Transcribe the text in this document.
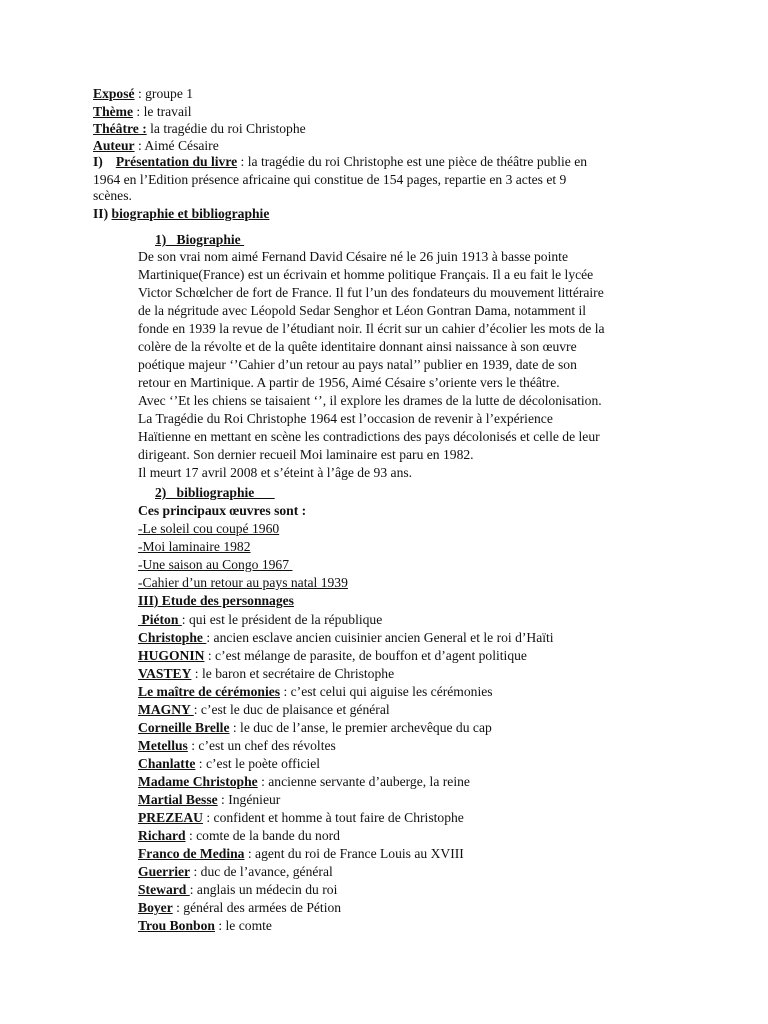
Exposé : groupe 1
Thème : le travail
Théâtre : la tragédie du roi Christophe
Auteur : Aimé Césaire
I) Présentation du livre : la tragédie du roi Christophe est une pièce de théâtre publie en
1964 en l’Edition présence africaine qui constitue de 154 pages, repartie en 3 actes et 9
scènes.
II) biographie et bibliographie
1)   Biographie
De son vrai nom aimé Fernand David Césaire né le 26 juin 1913 à basse pointe
Martinique(France) est un écrivain et homme politique Français. Il a eu fait le lycée
Victor Schœlcher de fort de France. Il fut l’un des fondateurs du mouvement littéraire
de la négritude avec Léopold Sedar Senghor et Léon Gontran Dama, notamment il
fonde en 1939 la revue de l’étudiant noir. Il écrit sur un cahier d’écolier les mots de la
colère de la révolte et de la quête identitaire donnant ainsi naissance à son œuvre
poétique majeur ‘’Cahier d’un retour au pays natal’’ publier en 1939, date de son
retour en Martinique. A partir de 1956, Aimé Césaire s’oriente vers le théâtre.
Avec ‘’Et les chiens se taisaient ‘’, il explore les drames de la lutte de décolonisation.
La Tragédie du Roi Christophe 1964 est l’occasion de revenir à l’expérience
Haïtienne en mettant en scène les contradictions des pays décolonisés et celle de leur
dirigeant. Son dernier recueil Moi laminaire est paru en 1982.
Il meurt 17 avril 2008 et s’éteint à l’âge de 93 ans.
2)   bibliographie
Ces principaux œuvres sont :
-Le soleil cou coupé 1960
-Moi laminaire 1982
-Une saison au Congo 1967
-Cahier d’un retour au pays natal 1939
III) Etude des personnages
Piéton : qui est le président de la république
Christophe : ancien esclave ancien cuisinier ancien General et le roi d’Haïti
HUGONIN : c’est mélange de parasite, de bouffon et d’agent politique
VASTEY : le baron et secrétaire de Christophe
Le maître de cérémonies : c’est celui qui aiguise les cérémonies
MAGNY : c’est le duc de plaisance et général
Corneille Brelle : le duc de l’anse, le premier archevêque du cap
Metellus : c’est un chef des révoltes
Chanlatte : c’est le poète officiel
Madame Christophe : ancienne servante d’auberge, la reine
Martial Besse : Ingénieur
PREZEAU : confident et homme à tout faire de Christophe
Richard : comte de la bande du nord
Franco de Medina : agent du roi de France Louis au XVIII
Guerrier : duc de l’avance, général
Steward : anglais un médecin du roi
Boyer : général des armées de Pétion
Trou Bonbon : le comte
